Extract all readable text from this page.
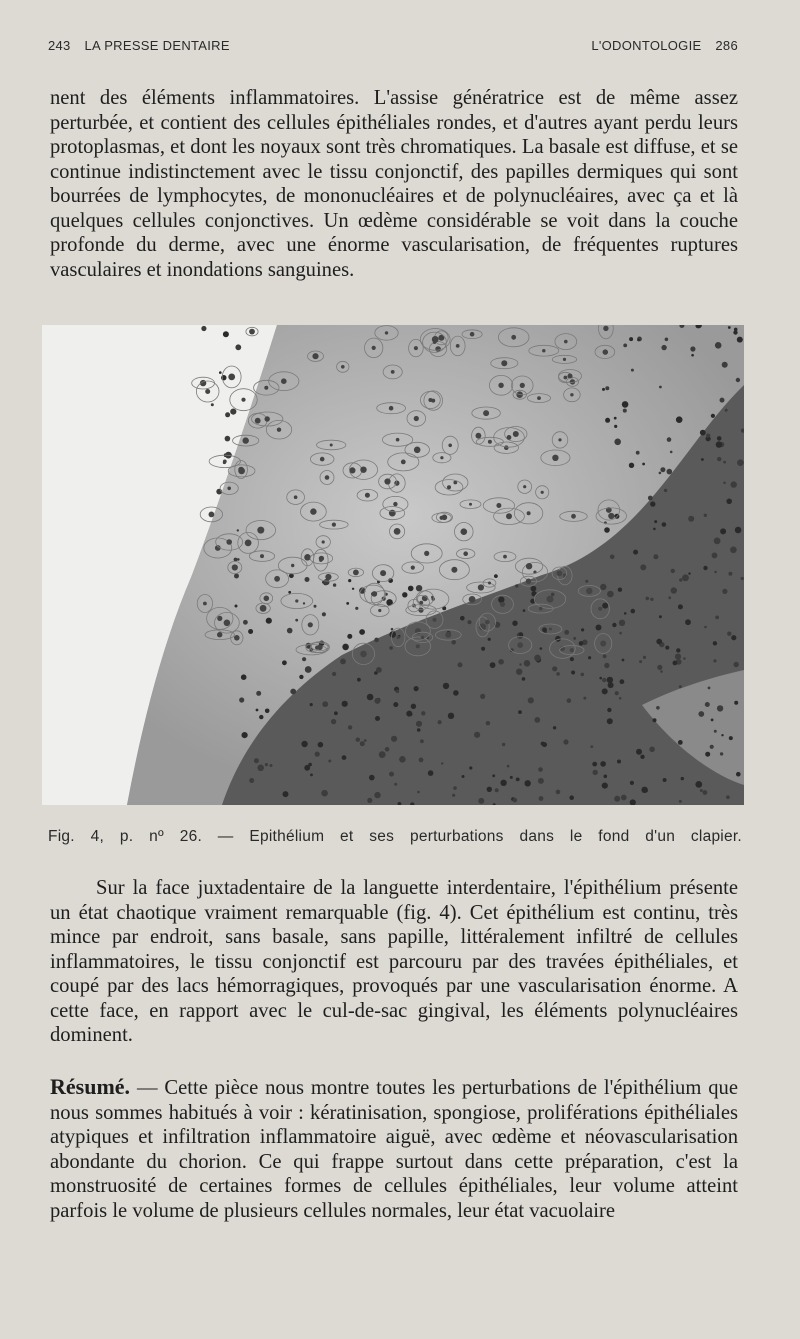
243 LA PRESSE DENTAIRE	L'ODONTOLOGIE 286

nent des éléments inflammatoires. L'assise génératrice est de même assez perturbée, et contient des cellules épithéliales rondes, et d'autres ayant perdu leurs protoplasmas, et dont les noyaux sont très chromatiques. La basale est diffuse, et se continue indistinctement avec le tissu conjonctif, des papilles dermiques qui sont bourrées de lymphocytes, de mononucléaires et de polynucléaires, avec ça et là quelques cellules conjonctives. Un œdème considérable se voit dans la couche profonde du derme, avec une énorme vascularisation, de fréquentes ruptures vasculaires et inondations sanguines.

Fig. 4, p. nº 26. — Epithélium et ses perturbations dans le fond d'un clapier.

Sur la face juxtadentaire de la languette interdentaire, l'épithélium présente un état chaotique vraiment remarquable (fig. 4). Cet épithélium est continu, très mince par endroit, sans basale, sans papille, littéralement infiltré de cellules inflammatoires, le tissu conjonctif est parcouru par des travées épithéliales, et coupé par des lacs hémorragiques, provoqués par une vascularisation énorme. A cette face, en rapport avec le cul-de-sac gingival, les éléments polynucléaires dominent.

Résumé. — Cette pièce nous montre toutes les perturbations de l'épithélium que nous sommes habitués à voir : kératinisation, spongiose, proliférations épithéliales atypiques et infiltration inflammatoire aiguë, avec œdème et néovascularisation abondante du chorion. Ce qui frappe surtout dans cette préparation, c'est la monstruosité de certaines formes de cellules épithéliales, leur volume atteint parfois le volume de plusieurs cellules normales, leur état vacuolaire
